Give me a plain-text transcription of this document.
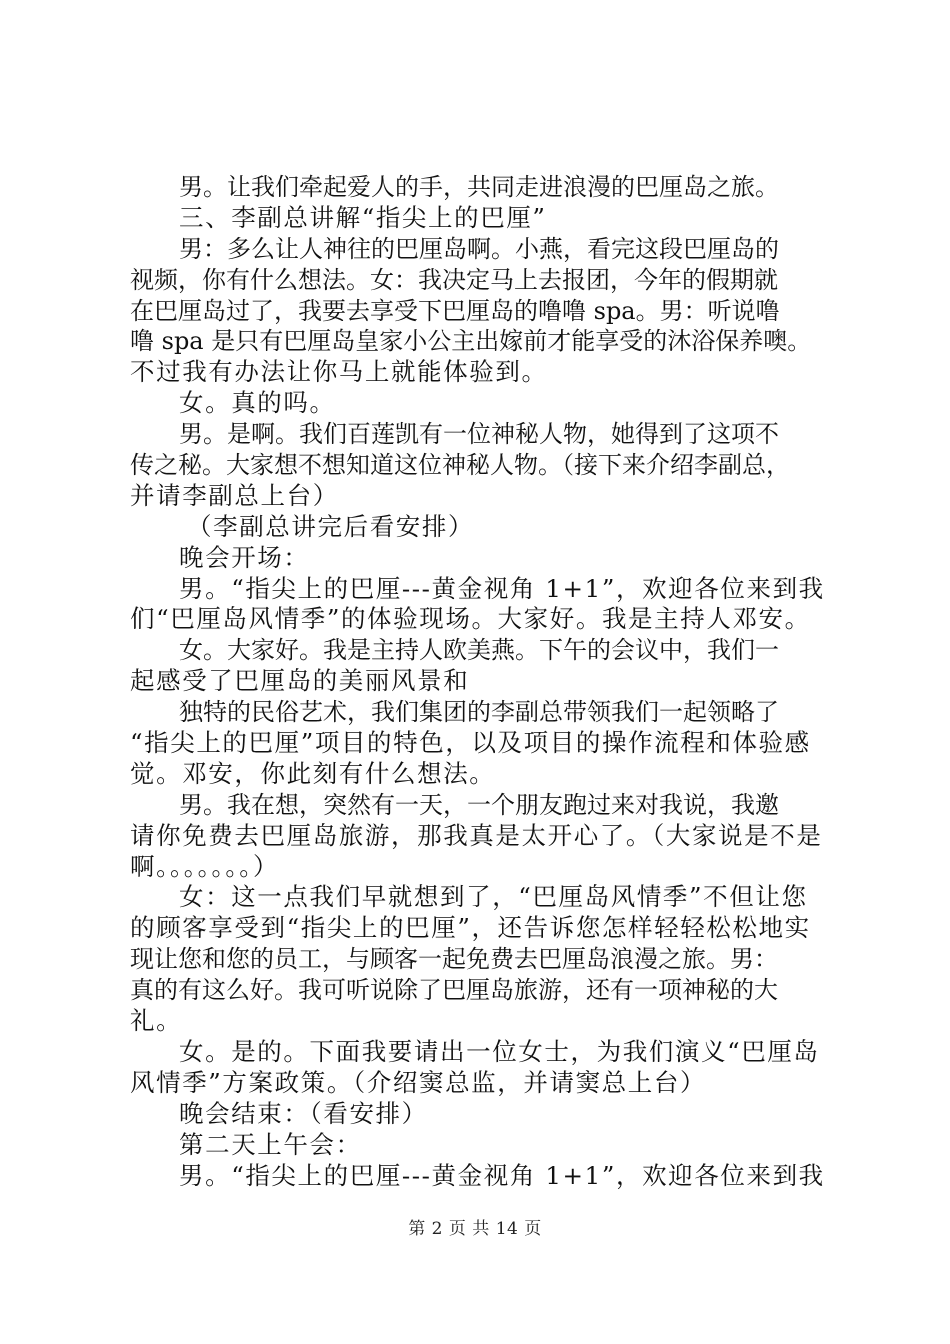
男。让我们牵起爱人的手，共同走进浪漫的巴厘岛之旅。
三、李副总讲解“指尖上的巴厘”
男：多么让人神往的巴厘岛啊。小燕，看完这段巴厘岛的
视频，你有什么想法。女：我决定马上去报团，今年的假期就
在巴厘岛过了，我要去享受下巴厘岛的噜噜 spa。男：听说噜
噜 spa 是只有巴厘岛皇家小公主出嫁前才能享受的沐浴保养噢。
不过我有办法让你马上就能体验到。
女。真的吗。
男。是啊。我们百莲凯有一位神秘人物，她得到了这项不
传之秘。大家想不想知道这位神秘人物。（接下来介绍李副总，
并请李副总上台）
（李副总讲完后看安排）
晚会开场：
男。“指尖上的巴厘---黄金视角 1+1”，欢迎各位来到我
们“巴厘岛风情季”的体验现场。大家好。我是主持人邓安。
女。大家好。我是主持人欧美燕。下午的会议中，我们一
起感受了巴厘岛的美丽风景和
独特的民俗艺术，我们集团的李副总带领我们一起领略了
“指尖上的巴厘”项目的特色，以及项目的操作流程和体验感
觉。邓安，你此刻有什么想法。
男。我在想，突然有一天，一个朋友跑过来对我说，我邀
请你免费去巴厘岛旅游，那我真是太开心了。（大家说是不是
啊。。。。。。。）
女：这一点我们早就想到了，“巴厘岛风情季”不但让您
的顾客享受到“指尖上的巴厘”，还告诉您怎样轻轻松松地实
现让您和您的员工，与顾客一起免费去巴厘岛浪漫之旅。男：
真的有这么好。我可听说除了巴厘岛旅游，还有一项神秘的大
礼。
女。是的。下面我要请出一位女士，为我们演义“巴厘岛
风情季”方案政策。（介绍窦总监，并请窦总上台）
晚会结束：（看安排）
第二天上午会：
男。“指尖上的巴厘---黄金视角 1+1”，欢迎各位来到我
第 2 页 共 14 页
